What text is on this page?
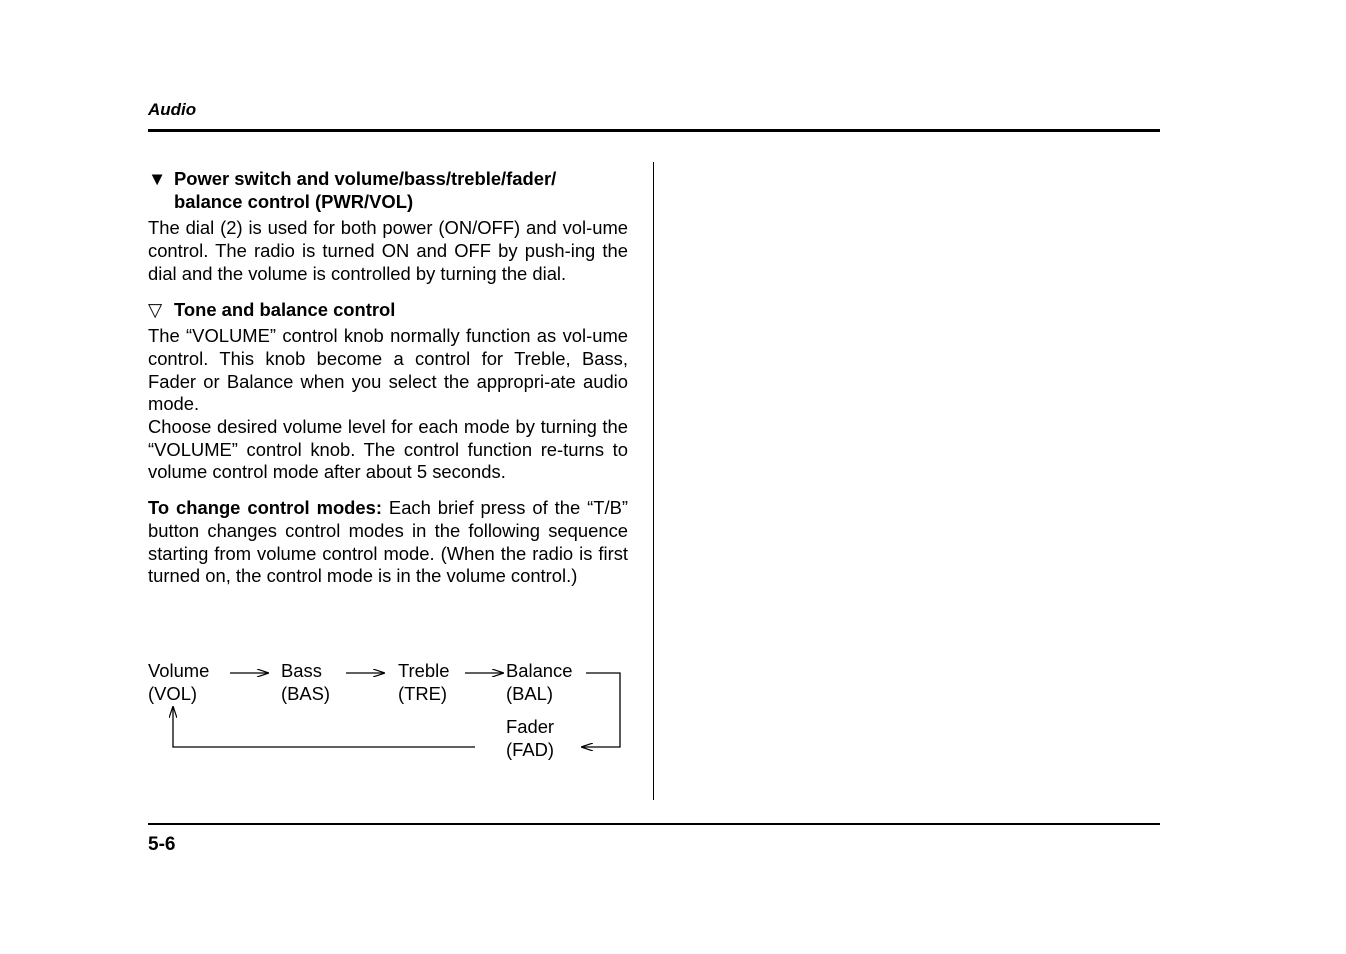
Audio
▼ Power switch and volume/bass/treble/fader/
balance control (PWR/VOL)

The dial (2) is used for both power (ON/OFF) and vol-ume control. The radio is turned ON and OFF by push-ing the dial and the volume is controlled by turning the dial.

▽ Tone and balance control

The “VOLUME” control knob normally function as vol-ume control. This knob become a control for Treble, Bass, Fader or Balance when you select the appropri-ate audio mode.

Choose desired volume level for each mode by turning the “VOLUME” control knob. The control function re-turns to volume control mode after about 5 seconds.

To change control modes: Each brief press of the “T/B” button changes control modes in the following sequence starting from volume control mode. (When the radio is first turned on, the control mode is in the volume control.)

Volume
(VOL)
Bass
(BAS)
Treble
(TRE)
Balance
(BAL)
Fader
(FAD)
5-6
